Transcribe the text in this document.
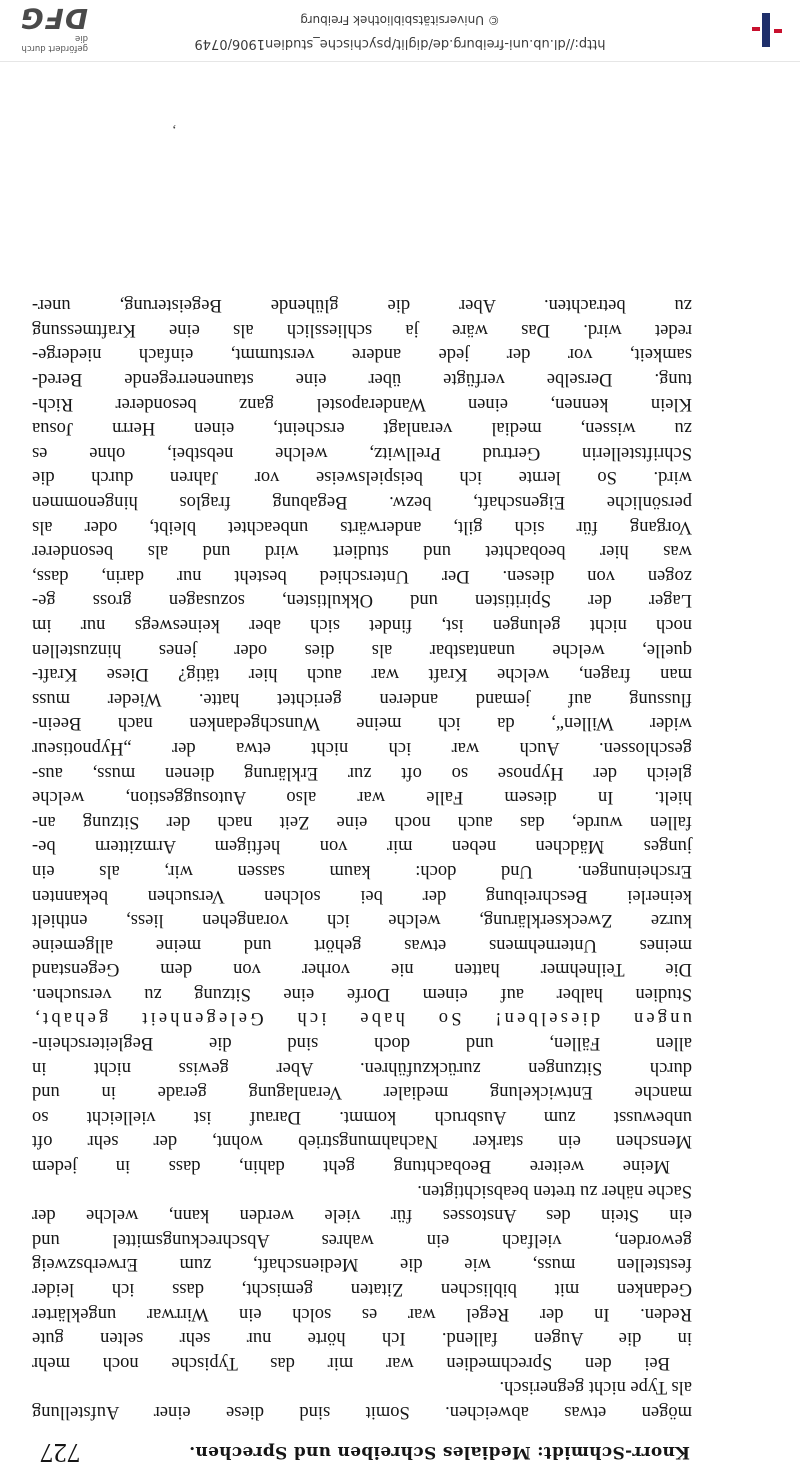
Knorr-Schmidt: Mediales Schreiben und Sprechen.
727
mögen etwas abweichen. Somit sind diese einer Aufstellung
als Type nicht gegnerisch.
Bei den Sprechmedien war mir das Typische noch mehr
in die Augen fallend. Ich hörte nur sehr selten gute
Reden. In der Regel war es solch ein Wirrwar ungeklärter
Gedanken mit biblischen Zitaten gemischt, dass ich leider
feststellen muss, wie die Medienschaft, zum Erwerbszweig
geworden, vielfach ein wahres Abschreckungsmittel und
ein Stein des Anstosses für viele werden kann, welche der
Sache näher zu treten beabsichtigten.
Meine weitere Beobachtung geht dahin, dass in jedem
Menschen ein starker Nachahmungstrieb wohnt, der sehr oft
unbewusst zum Ausbruch kommt. Darauf ist vielleicht so
manche Entwickelung medialer Veranlagung gerade in und
durch Sitzungen zurückzuführen. Aber gewiss nicht in
allen Fällen, und doch sind die Begleiterschein-
ungen dieselben! So habe ich Gelegenheit gehabt,
Studien halber auf einem Dorfe eine Sitzung zu versuchen.
Die Teilnehmer hatten nie vorher von dem Gegenstand
meines Unternehmens etwas gehört und meine allgemeine
kurze Zweckserklärung, welche ich vorangehen liess, enthielt
keinerlei Beschreibung der bei solchen Versuchen bekannten
Erscheinungen. Und doch: kaum sassen wir, als ein
junges Mädchen neben mir von heftigem Armzittern be-
fallen wurde, das auch noch eine Zeit nach der Sitzung an-
hielt. In diesem Falle war also Autosuggestion, welche
gleich der Hypnose so oft zur Erklärung dienen muss, aus-
geschlossen. Auch war ich nicht etwa der „Hypnotiseur
wider Willen“, da ich meine Wunschgedanken nach Beein-
flussung auf jemand anderen gerichtet hatte. Wieder muss
man fragen, welche Kraft war auch hier tätig? Diese Kraft-
quelle, welche unantastbar als dies oder jenes hinzustellen
noch nicht gelungen ist, findet sich aber keineswegs nur im
Lager der Spiritisten und Okkultisten, sozusagen gross ge-
zogen von diesen. Der Unterschied besteht nur darin, dass,
was hier beobachtet und studiert wird und als besonderer
Vorgang für sich gilt, anderwärts unbeachtet bleibt, oder als
persönliche Eigenschaft, bezw. Begabung fraglos hingenommen
wird. So lernte ich beispielsweise vor Jahren durch die
Schriftstellerin Gertrud Prellwitz, welche nebstbei, ohne es
zu wissen, medial veranlagt erscheint, einen Herrn Josua
Klein kennen, einen Wanderapostel ganz besonderer Rich-
tung. Derselbe verfügte über eine staunenerregende Bered-
samkeit, vor der jede andere verstummt, einfach niederge-
redet wird. Das wäre ja schliesslich als eine Kraftmessung
zu betrachten. Aber die glühende Begeisterung, uner-
,
http://dl.ub.uni-freiburg.de/diglit/psychische_studien1906/0749
© Universitätsbibliothek Freiburg
gefördert durch die
DFG
